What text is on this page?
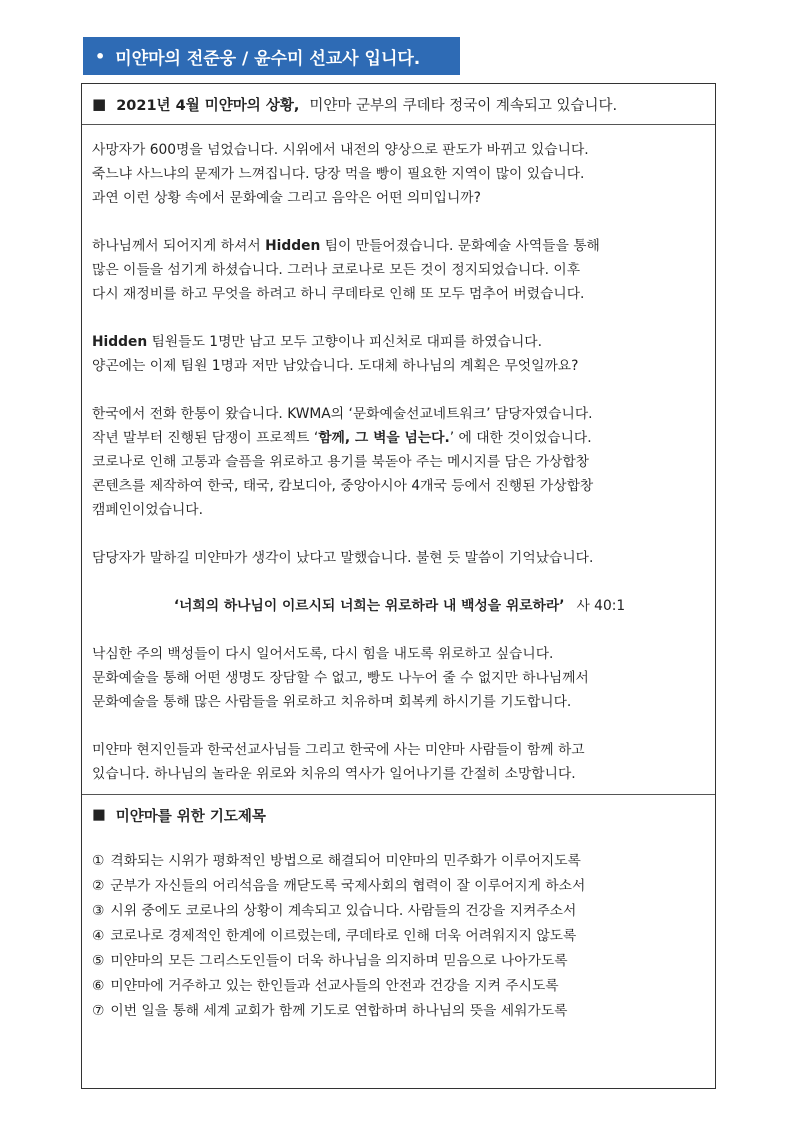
• 미얀마의 전준웅 / 윤수미 선교사 입니다.
■ 2021년 4월 미얀마의 상황, 미얀마 군부의 쿠데타 정국이 계속되고 있습니다.

사망자가 600명을 넘었습니다. 시위에서 내전의 양상으로 판도가 바뀌고 있습니다.
죽느냐 사느냐의 문제가 느껴집니다. 당장 먹을 빵이 필요한 지역이 많이 있습니다.
과연 이런 상황 속에서 문화예술 그리고 음악은 어떤 의미입니까?

하나님께서 되어지게 하셔서 Hidden 팀이 만들어졌습니다. 문화예술 사역들을 통해
많은 이들을 섬기게 하셨습니다. 그러나 코로나로 모든 것이 정지되었습니다. 이후
다시 재정비를 하고 무엇을 하려고 하니 쿠데타로 인해 또 모두 멈추어 버렸습니다.

Hidden 팀원들도 1명만 남고 모두 고향이나 피신처로 대피를 하였습니다.
양곤에는 이제 팀원 1명과 저만 남았습니다. 도대체 하나님의 계획은 무엇일까요?

한국에서 전화 한통이 왔습니다. KWMA의 ‘문화예술선교네트워크’ 담당자였습니다.
작년 말부터 진행된 담쟁이 프로젝트 ‘함께, 그 벽을 넘는다.’ 에 대한 것이었습니다.
코로나로 인해 고통과 슬픔을 위로하고 용기를 북돋아 주는 메시지를 담은 가상합창
콘텐츠를 제작하여 한국, 태국, 캄보디아, 중앙아시아 4개국 등에서 진행된 가상합창
캠페인이었습니다.

담당자가 말하길 미얀마가 생각이 났다고 말했습니다. 불현 듯 말씀이 기억났습니다.

‘너희의 하나님이 이르시되 너희는 위로하라 내 백성을 위로하라’ 사 40:1

낙심한 주의 백성들이 다시 일어서도록, 다시 힘을 내도록 위로하고 싶습니다.
문화예술을 통해 어떤 생명도 장담할 수 없고, 빵도 나누어 줄 수 없지만 하나님께서
문화예술을 통해 많은 사람들을 위로하고 치유하며 회복케 하시기를 기도합니다.

미얀마 현지인들과 한국선교사님들 그리고 한국에 사는 미얀마 사람들이 함께 하고
있습니다. 하나님의 놀라운 위로와 치유의 역사가 일어나기를 간절히 소망합니다.

■ 미얀마를 위한 기도제목
① 격화되는 시위가 평화적인 방법으로 해결되어 미얀마의 민주화가 이루어지도록
② 군부가 자신들의 어리석음을 깨닫도록 국제사회의 협력이 잘 이루어지게 하소서
③ 시위 중에도 코로나의 상황이 계속되고 있습니다. 사람들의 건강을 지켜주소서
④ 코로나로 경제적인 한계에 이르렀는데, 쿠데타로 인해 더욱 어려워지지 않도록
⑤ 미얀마의 모든 그리스도인들이 더욱 하나님을 의지하며 믿음으로 나아가도록
⑥ 미얀마에 거주하고 있는 한인들과 선교사들의 안전과 건강을 지켜 주시도록
⑦ 이번 일을 통해 세계 교회가 함께 기도로 연합하며 하나님의 뜻을 세워가도록
